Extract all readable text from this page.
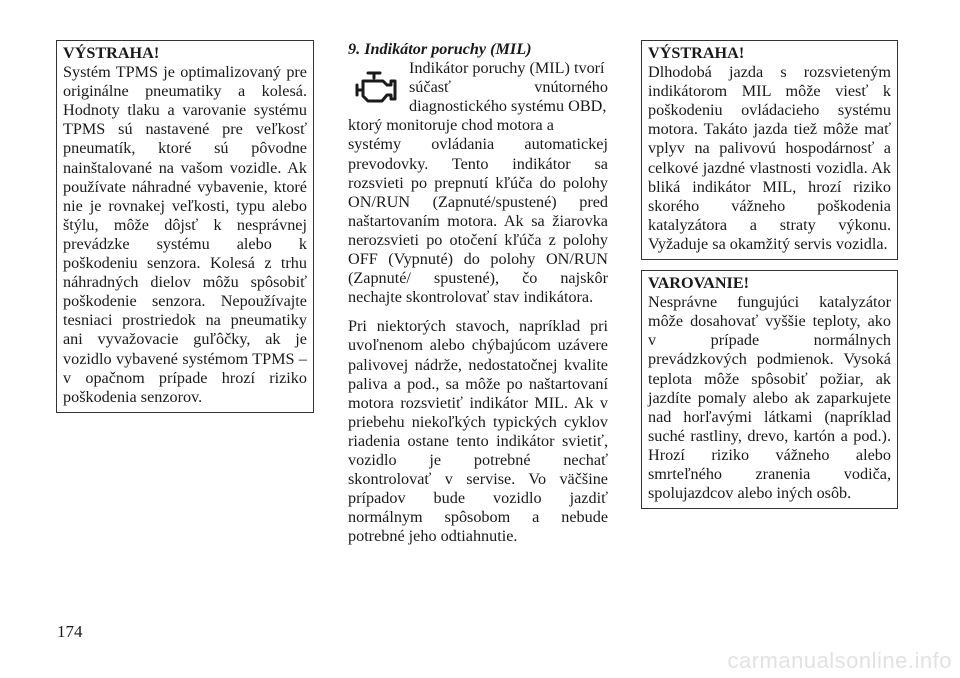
VÝSTRAHA!

Systém TPMS je optimalizovaný pre originálne pneumatiky a kolesá. Hodnoty tlaku a varovanie systému TPMS sú nastavené pre veľkosť pneumatík, ktoré sú pôvodne nainštalované na vašom vozidle. Ak používate náhradné vybavenie, ktoré nie je rovnakej veľkosti, typu alebo štýlu, môže dôjsť k nesprávnej prevádzke systému alebo k poškodeniu senzora. Kolesá z trhu náhradných dielov môžu spôsobiť poškodenie senzora. Nepoužívajte tesniaci prostriedok na pneumatiky ani vyvažovacie guľôčky, ak je vozidlo vybavené systémom TPMS – v opačnom prípade hrozí riziko poškodenia senzorov.

9. Indikátor poruchy (MIL)

Indikátor poruchy (MIL) tvorí
súčasť vnútorného
diagnostického systému OBD,
ktorý monitoruje chod motora a

systémy ovládania automatickej prevodovky. Tento indikátor sa rozsvieti po prepnutí kľúča do polohy ON/RUN (Zapnuté/spustené) pred naštartovaním motora. Ak sa žiarovka nerozsvieti po otočení kľúča z polohy OFF (Vypnuté) do polohy ON/RUN (Zapnuté/ spustené), čo najskôr nechajte skontrolovať stav indikátora.

Pri niektorých stavoch, napríklad pri uvoľnenom alebo chýbajúcom uzávere palivovej nádrže, nedostatočnej kvalite paliva a pod., sa môže po naštartovaní motora rozsvietiť indikátor MIL. Ak v priebehu niekoľkých typických cyklov riadenia ostane tento indikátor svietiť, vozidlo je potrebné nechať skontrolovať v servise. Vo väčšine prípadov bude vozidlo jazdiť normálnym spôsobom a nebude potrebné jeho odtiahnutie.

VÝSTRAHA!

Dlhodobá jazda s rozsvieteným indikátorom MIL môže viesť k poškodeniu ovládacieho systému motora. Takáto jazda tiež môže mať vplyv na palivovú hospodárnosť a celkové jazdné vlastnosti vozidla. Ak bliká indikátor MIL, hrozí riziko skorého vážneho poškodenia katalyzátora a straty výkonu. Vyžaduje sa okamžitý servis vozidla.

VAROVANIE!

Nesprávne fungujúci katalyzátor môže dosahovať vyššie teploty, ako v prípade normálnych prevádzkových podmienok. Vysoká teplota môže spôsobiť požiar, ak jazdíte pomaly alebo ak zaparkujete nad horľavými látkami (napríklad suché rastliny, drevo, kartón a pod.). Hrozí riziko vážneho alebo smrteľného zranenia vodiča, spolujazdcov alebo iných osôb.

174
carmanualsonline.info
